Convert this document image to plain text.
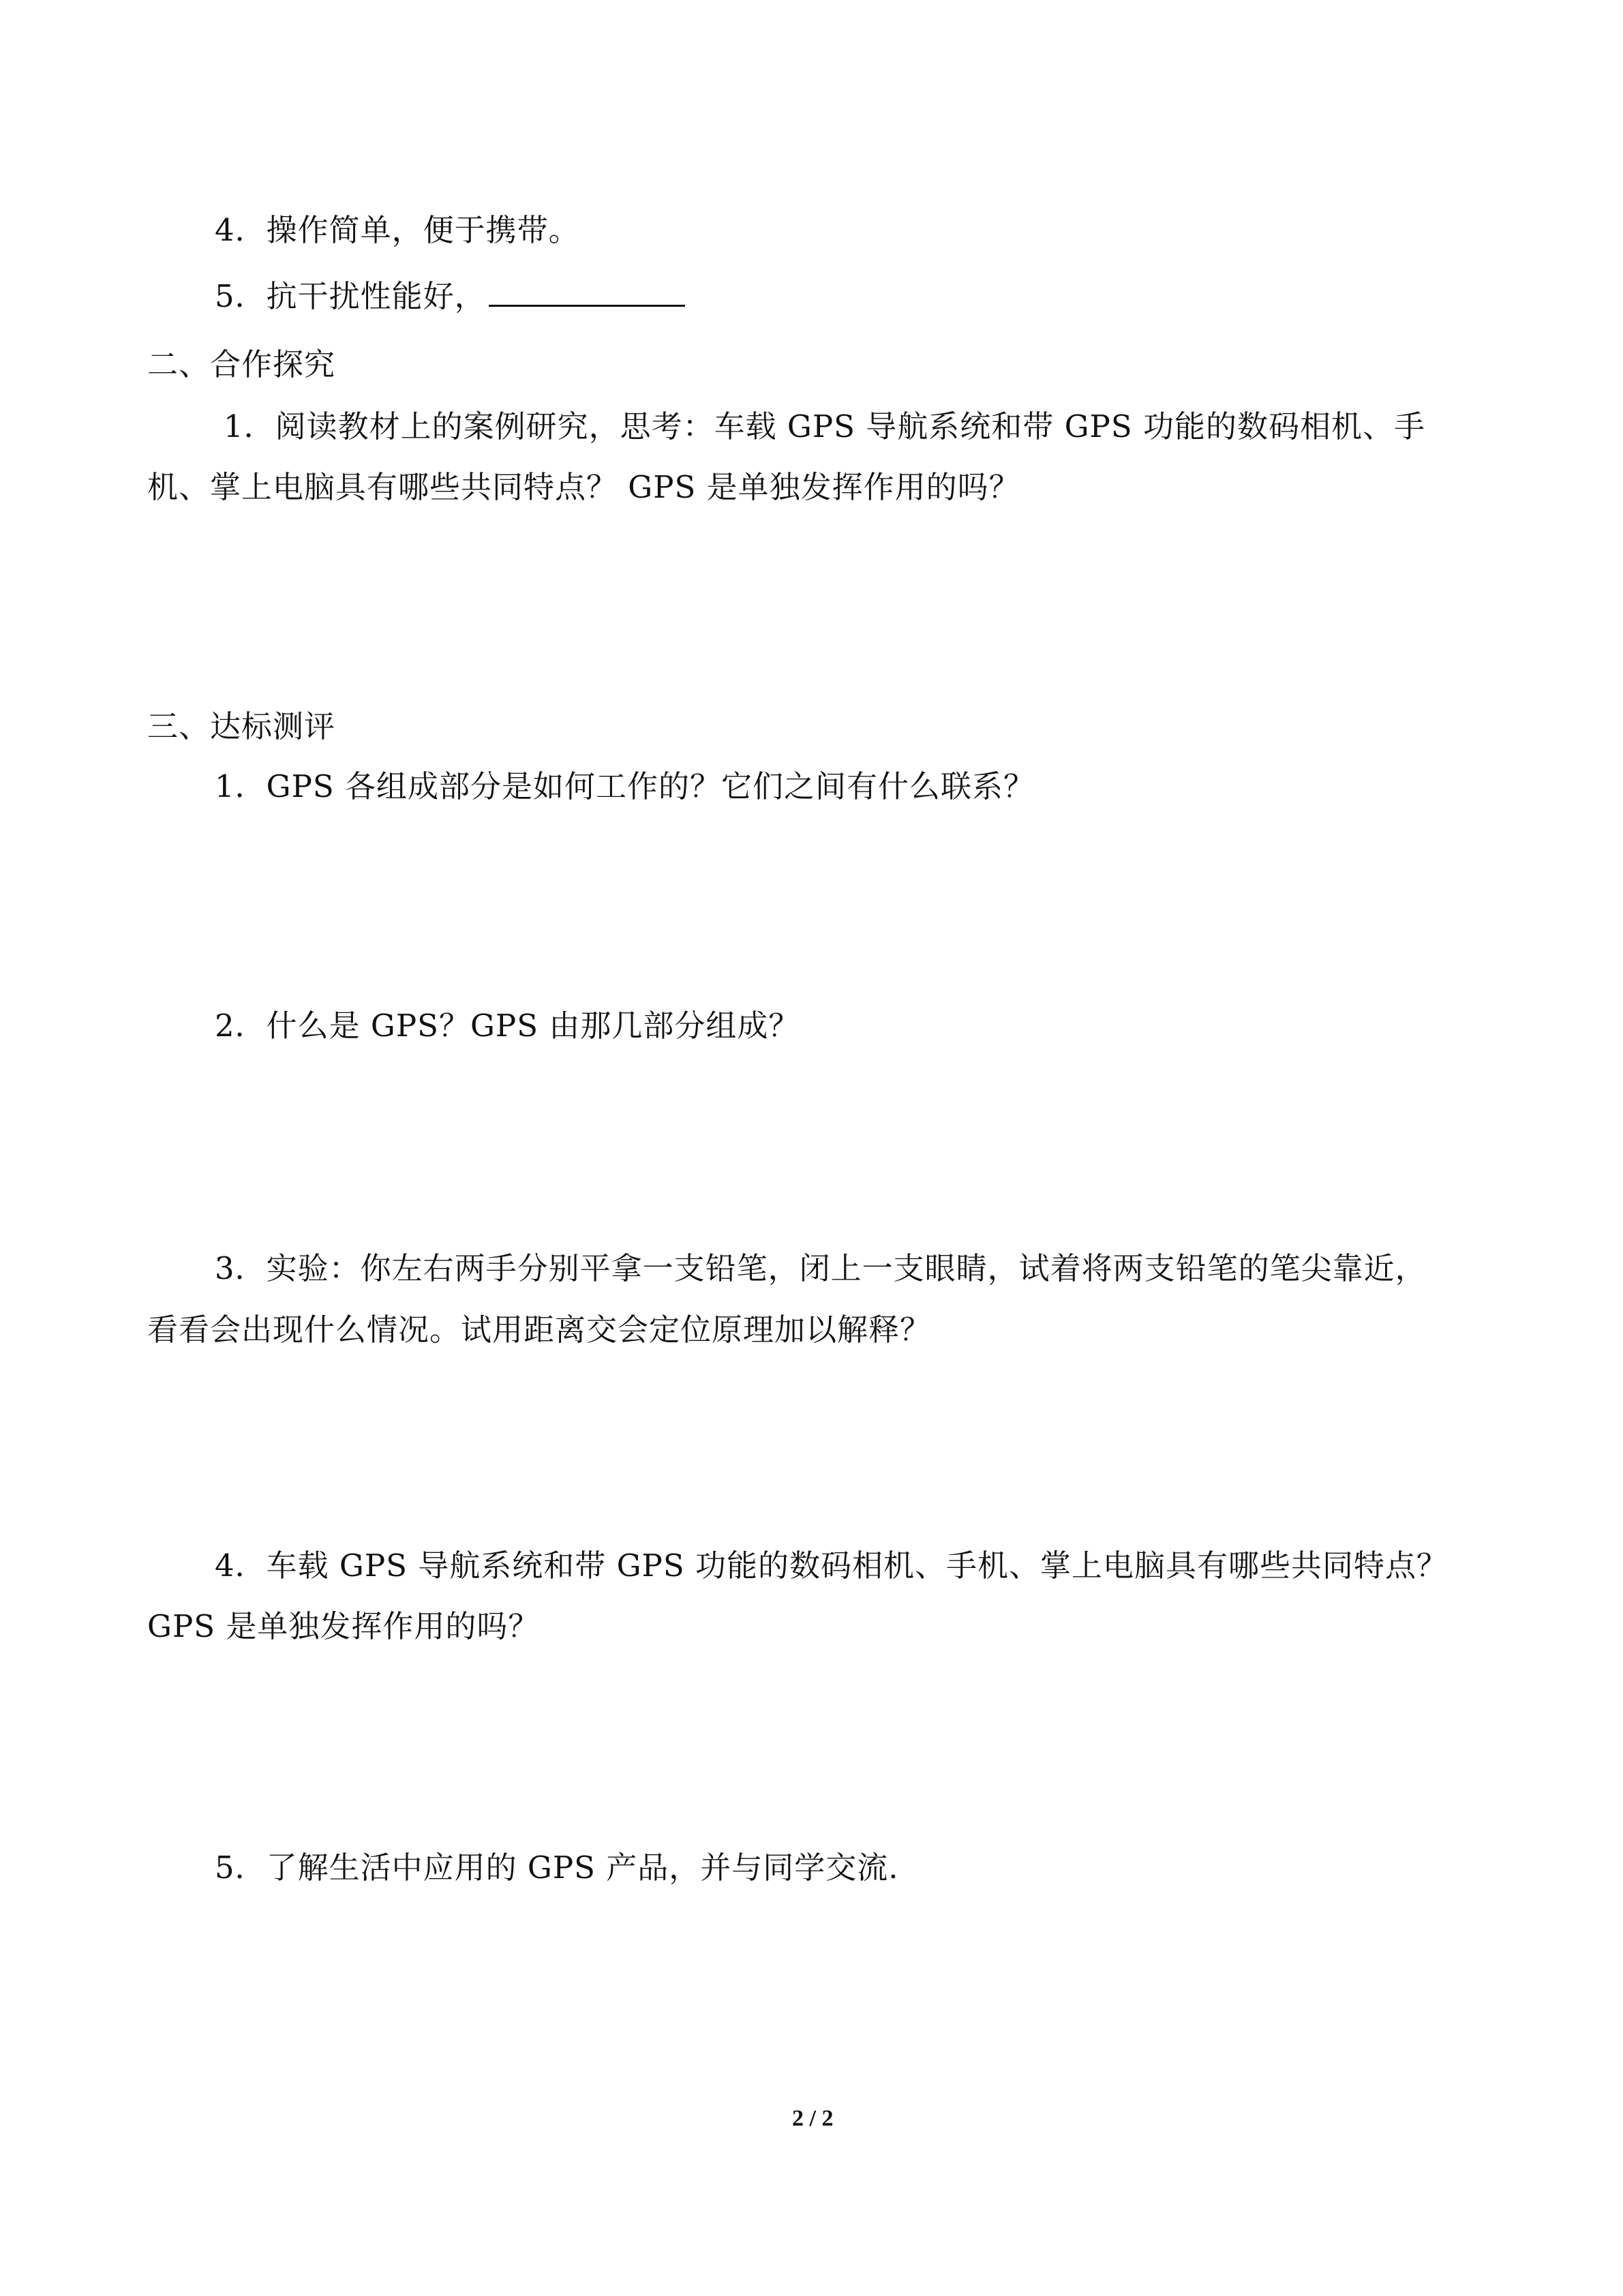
4．操作简单，便于携带。
5．抗干扰性能好，
二、合作探究
1．阅读教材上的案例研究，思考：车载 GPS 导航系统和带 GPS 功能的数码相机、手
机、掌上电脑具有哪些共同特点？ GPS 是单独发挥作用的吗？
三、达标测评
1．GPS 各组成部分是如何工作的？它们之间有什么联系？
2．什么是 GPS？GPS 由那几部分组成？
3．实验：你左右两手分别平拿一支铅笔，闭上一支眼睛，试着将两支铅笔的笔尖靠近，
看看会出现什么情况。试用距离交会定位原理加以解释？
4．车载 GPS 导航系统和带 GPS 功能的数码相机、手机、掌上电脑具有哪些共同特点？
GPS 是单独发挥作用的吗？
5．了解生活中应用的 GPS 产品，并与同学交流.
2 / 2
